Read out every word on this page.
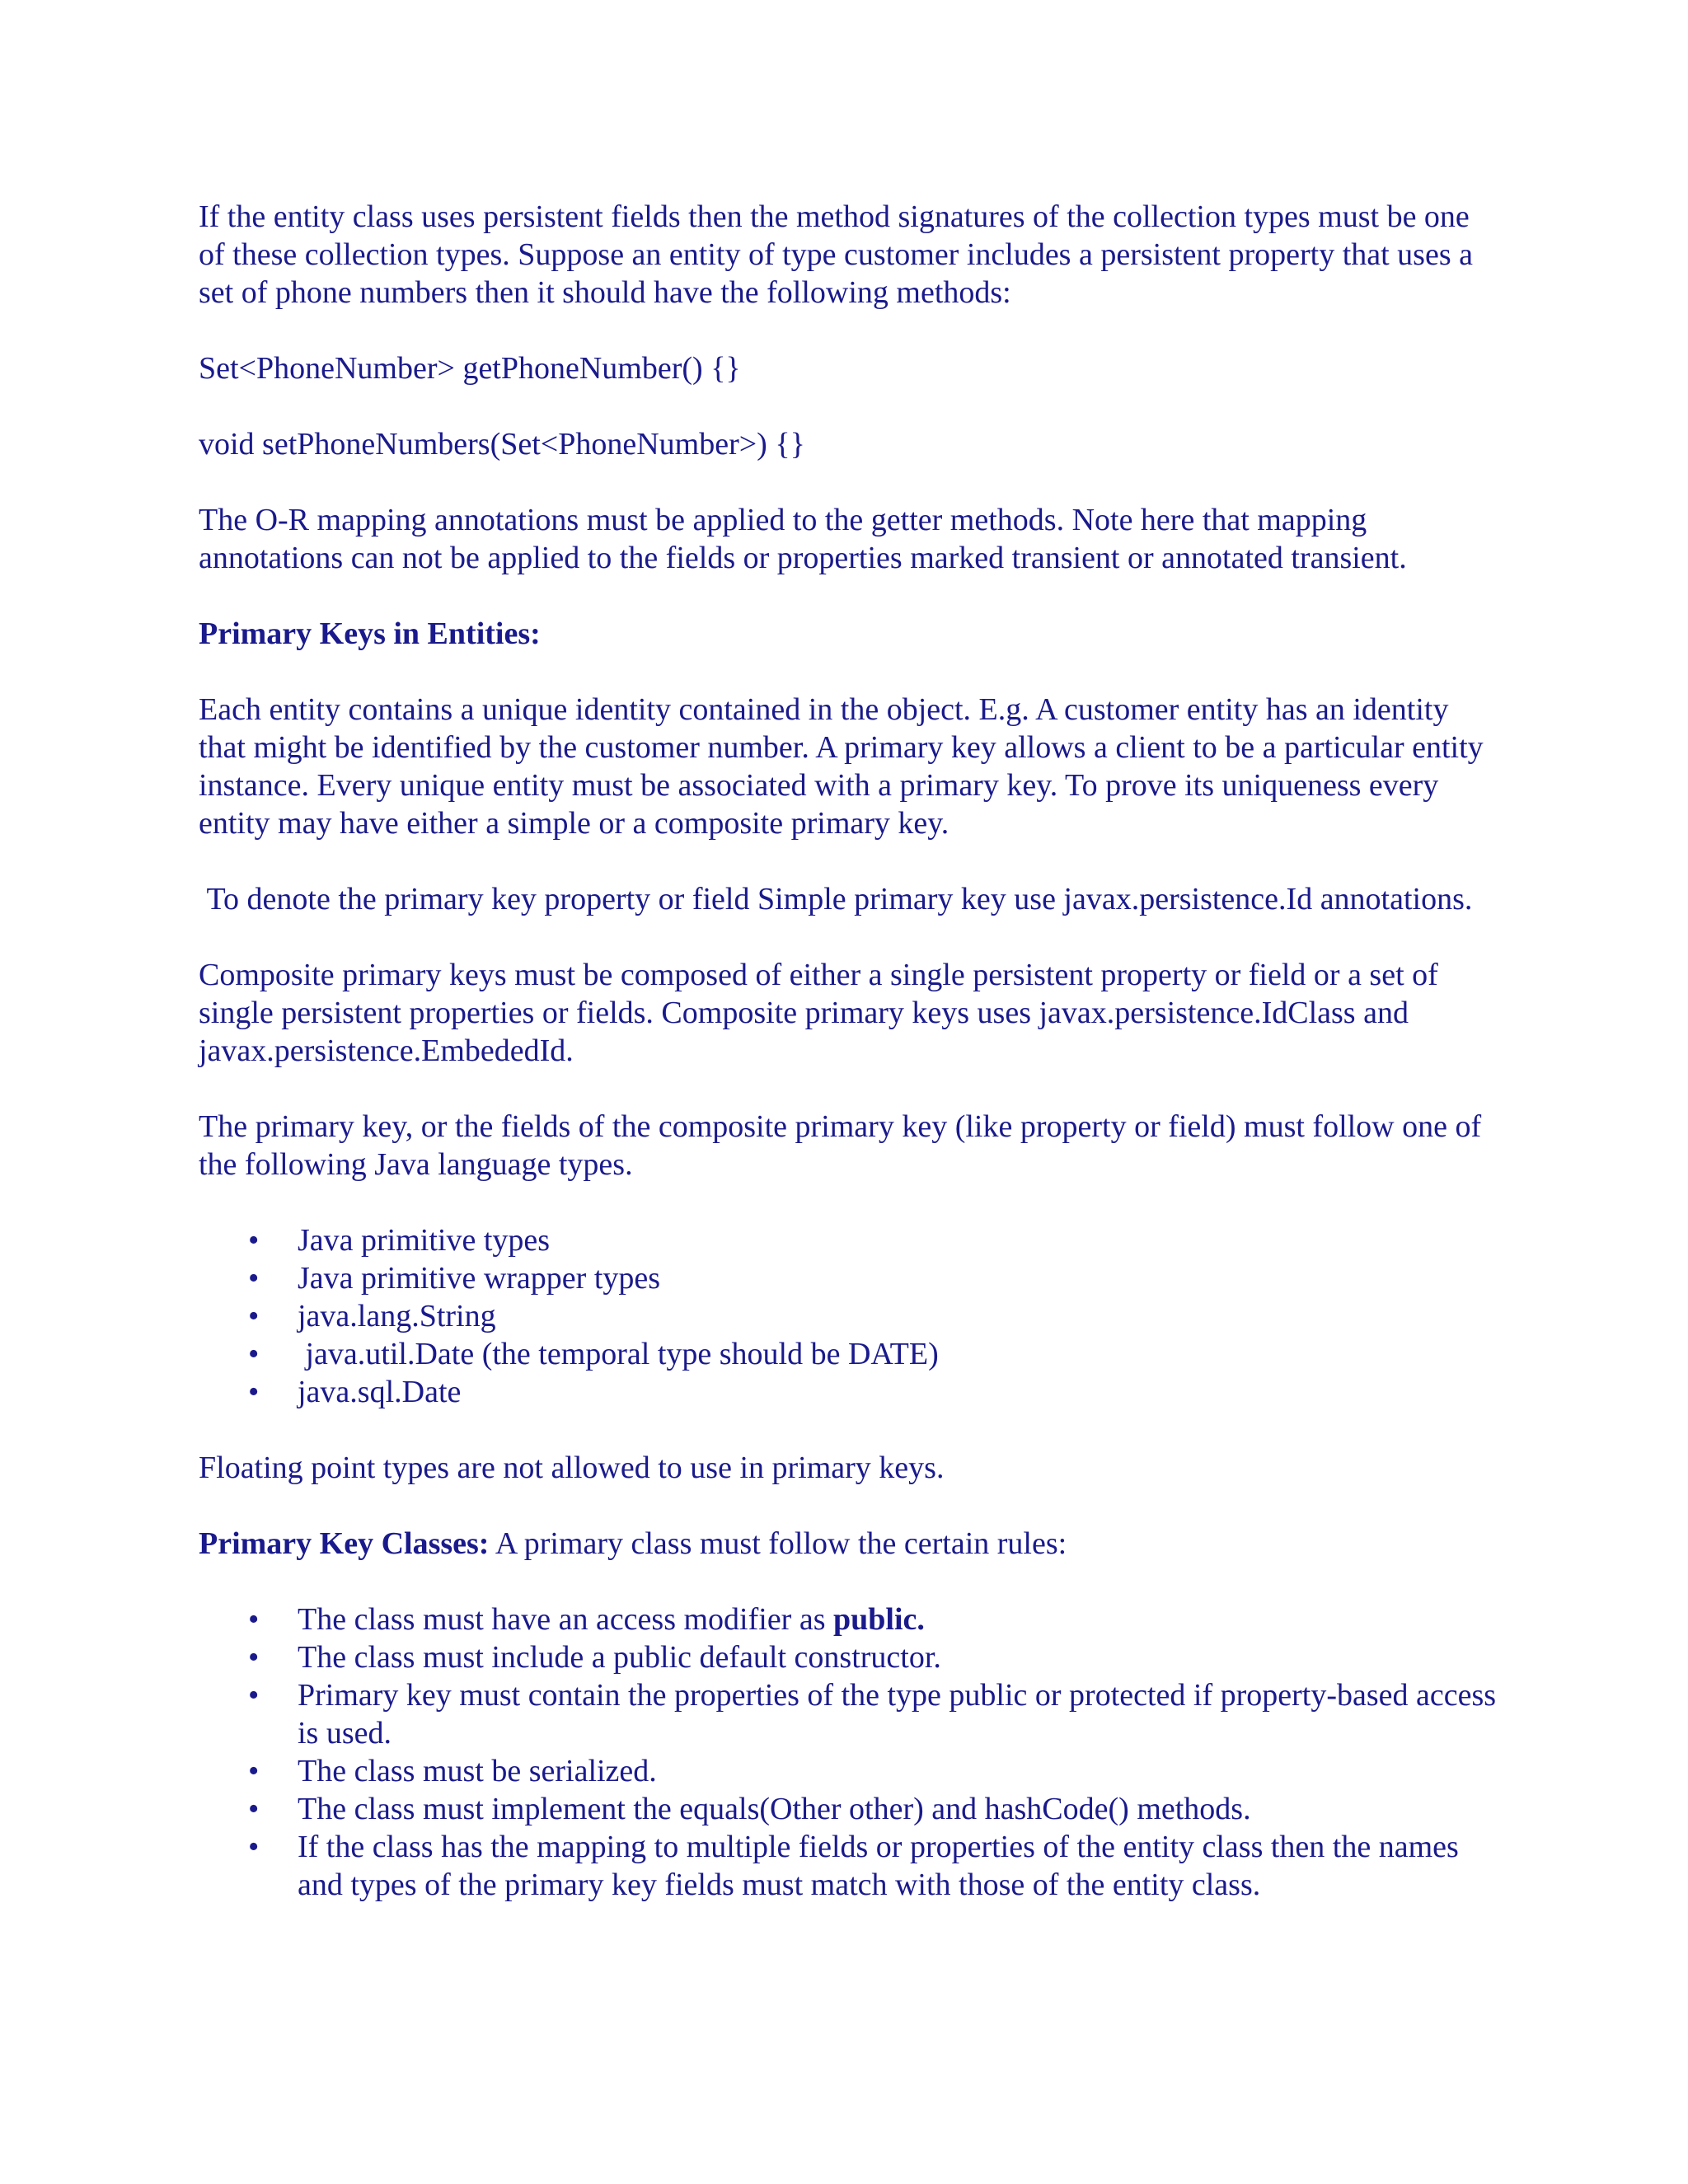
If the entity class uses persistent fields then the method signatures of the collection types must be one of these collection types. Suppose an entity of type customer includes a persistent property that uses a set of phone numbers then it should have the following methods:

Set<PhoneNumber> getPhoneNumber() {}

void setPhoneNumbers(Set<PhoneNumber>) {}

The O-R mapping annotations must be applied to the getter methods. Note here that mapping annotations can not be applied to the fields or properties marked transient or annotated transient.

Primary Keys in Entities:

Each entity contains a unique identity contained in the object. E.g. A customer entity has an identity that might be identified by the customer number. A primary key allows a client to be a particular entity instance. Every unique entity must be associated with a primary key. To prove its uniqueness every entity may have either a simple or a composite primary key.

To denote the primary key property or field Simple primary key use javax.persistence.Id annotations.

Composite primary keys must be composed of either a single persistent property or field or a set of single persistent properties or fields. Composite primary keys uses javax.persistence.IdClass and javax.persistence.EmbededId.

The primary key, or the fields of the composite primary key (like property or field) must follow one of the following Java language types.

• Java primitive types
• Java primitive wrapper types
• java.lang.String
• java.util.Date (the temporal type should be DATE)
• java.sql.Date

Floating point types are not allowed to use in primary keys.

Primary Key Classes: A primary class must follow the certain rules:

• The class must have an access modifier as public.
• The class must include a public default constructor.
• Primary key must contain the properties of the type public or protected if property-based access is used.
• The class must be serialized.
• The class must implement the equals(Other other) and hashCode() methods.
• If the class has the mapping to multiple fields or properties of the entity class then the names and types of the primary key fields must match with those of the entity class.
